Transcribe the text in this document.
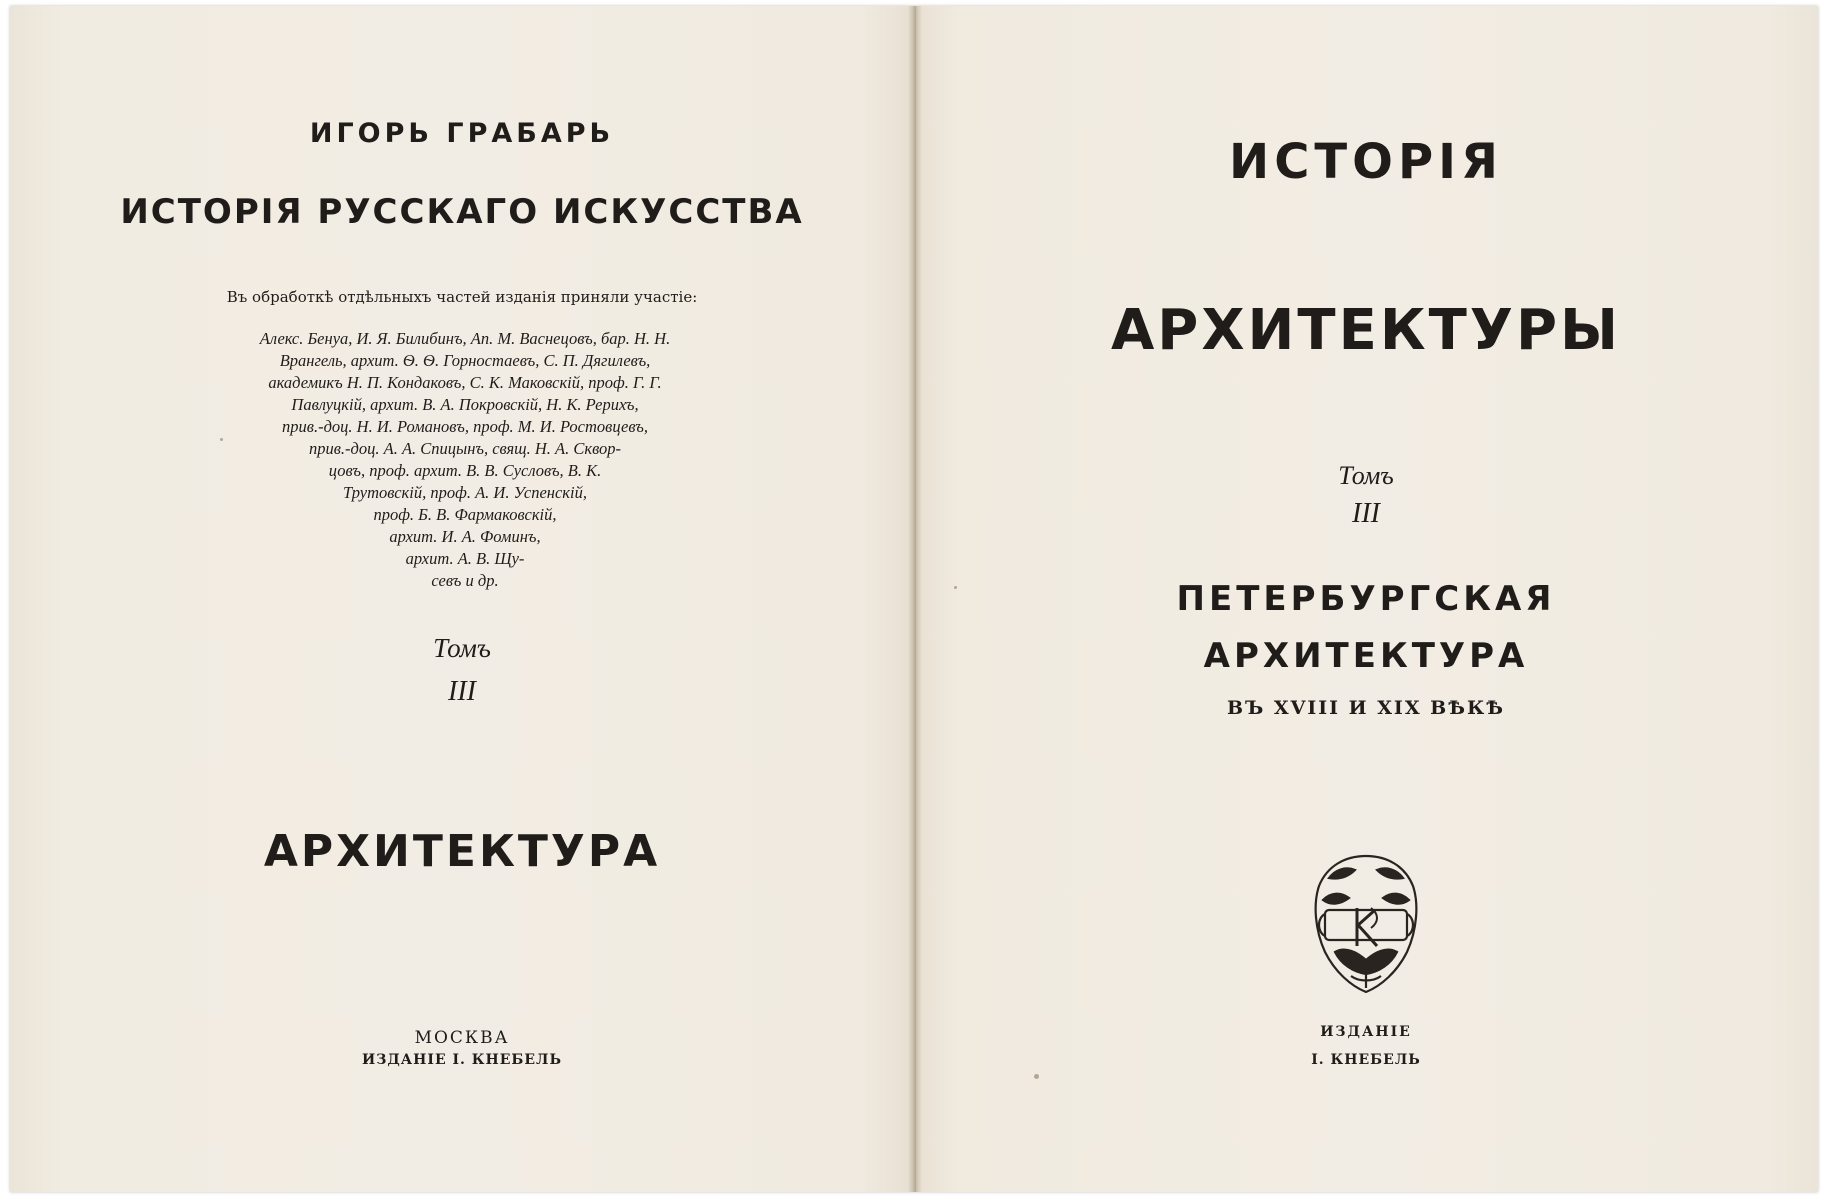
ИГОРЬ ГРАБАРЬ
ИСТОРІЯ РУССКАГО ИСКУССТВА
Въ обработкѣ отдѣльныхъ частей изданія приняли участіе:
Алекс. Бенуа, И. Я. Билибинъ, Ап. М. Васнецовъ, бар. Н. Н.
Врангель, архит. Ѳ. Ѳ. Горностаевъ, С. П. Дягилевъ,
академикъ Н. П. Кондаковъ, С. К. Маковскій, проф. Г. Г.
Павлуцкій, архит. В. А. Покровскій, Н. К. Рерихъ,
прив.-доц. Н. И. Романовъ, проф. М. И. Ростовцевъ,
прив.-доц. А. А. Спицынъ, свящ. Н. А. Сквор-
цовъ, проф. архит. В. В. Сусловъ, В. К.
Трутовскій, проф. А. И. Успенскій,
проф. Б. В. Фармаковскій,
архит. И. А. Фоминъ,
архит. А. В. Щу-
севъ и др.
Томъ
III
АРХИТЕКТУРА
МОСКВА
ИЗДАНІЕ І. КНЕБЕЛЬ
ИСТОРІЯ
АРХИТЕКТУРЫ
Томъ
III
ПЕТЕРБУРГСКАЯ
АРХИТЕКТУРА
ВЪ XVIII И XIX ВѢКѢ
ИЗДАНІЕ
І. КНЕБЕЛЬ
